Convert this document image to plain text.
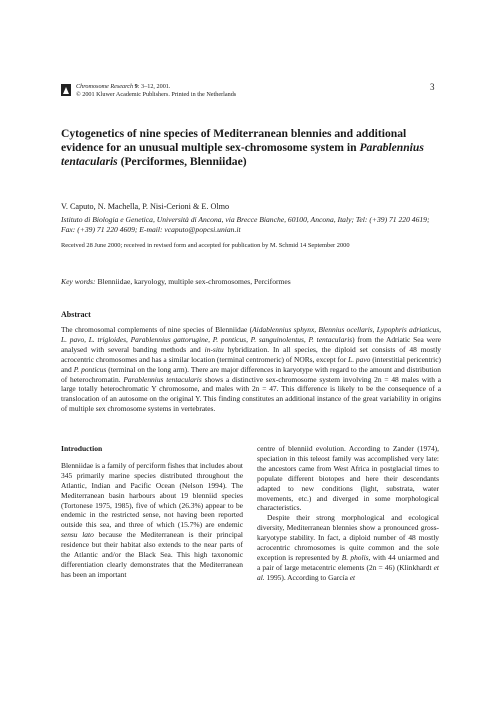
Chromosome Research 9: 3–12, 2001.
© 2001 Kluwer Academic Publishers. Printed in the Netherlands
3
Cytogenetics of nine species of Mediterranean blennies and additional evidence for an unusual multiple sex-chromosome system in Parablennius tentacularis (Perciformes, Blenniidae)
V. Caputo, N. Machella, P. Nisi-Cerioni & E. Olmo
Istituto di Biologia e Genetica, Università di Ancona, via Brecce Bianche, 60100, Ancona, Italy; Tel: (+39) 71 220 4619; Fax: (+39) 71 220 4609; E-mail: vcaputo@popcsi.unian.it
Received 28 June 2000; received in revised form and accepted for publication by M. Schmid 14 September 2000
Key words: Blenniidae, karyology, multiple sex-chromosomes, Perciformes
Abstract

The chromosomal complements of nine species of Blenniidae (Aidablennius sphynx, Blennius ocellaris, Lypophris adriaticus, L. pavo, L. trigloides, Parablennius gattorugine, P. ponticus, P. sanguinolentus, P. tentacularis) from the Adriatic Sea were analysed with several banding methods and in-situ hybridization. In all species, the diploid set consists of 48 mostly acrocentric chromosomes and has a similar location (terminal centromeric) of NORs, except for L. pavo (interstitial pericentric) and P. ponticus (terminal on the long arm). There are major differences in karyotype with regard to the amount and distribution of heterochromatin. Parablennius tentacularis shows a distinctive sex-chromosome system involving 2n = 48 males with a large totally heterochromatic Y chromosome, and males with 2n = 47. This difference is likely to be the consequence of a translocation of an autosome on the original Y. This finding constitutes an additional instance of the great variability in origins of multiple sex chromosome systems in vertebrates.

Introduction

Blenniidae is a family of perciform fishes that includes about 345 primarily marine species distributed throughout the Atlantic, Indian and Pacific Ocean (Nelson 1994). The Mediterranean basin harbours about 19 blenniid species (Tortonese 1975, 1985), five of which (26.3%) appear to be endemic in the restricted sense, not having been reported outside this sea, and three of which (15.7%) are endemic sensu lato because the Mediterranean is their principal residence but their habitat also extends to the near parts of the Atlantic and/or the Black Sea. This high taxonomic differentiation clearly demonstrates that the Mediterranean has been an important

centre of blenniid evolution. According to Zander (1974), speciation in this teleost family was accomplished very late: the ancestors came from West Africa in postglacial times to populate different biotopes and here their descendants adapted to new conditions (light, substrata, water movements, etc.) and diverged in some morphological characteristics.

Despite their strong morphological and ecological diversity, Mediterranean blennies show a pronounced gross-karyotype stability. In fact, a diploid number of 48 mostly acrocentric chromosomes is quite common and the sole exception is represented by B. pholis, with 44 uniarmed and a pair of large metacentric elements (2n = 46) (Klinkhardt et al. 1995). According to García et
